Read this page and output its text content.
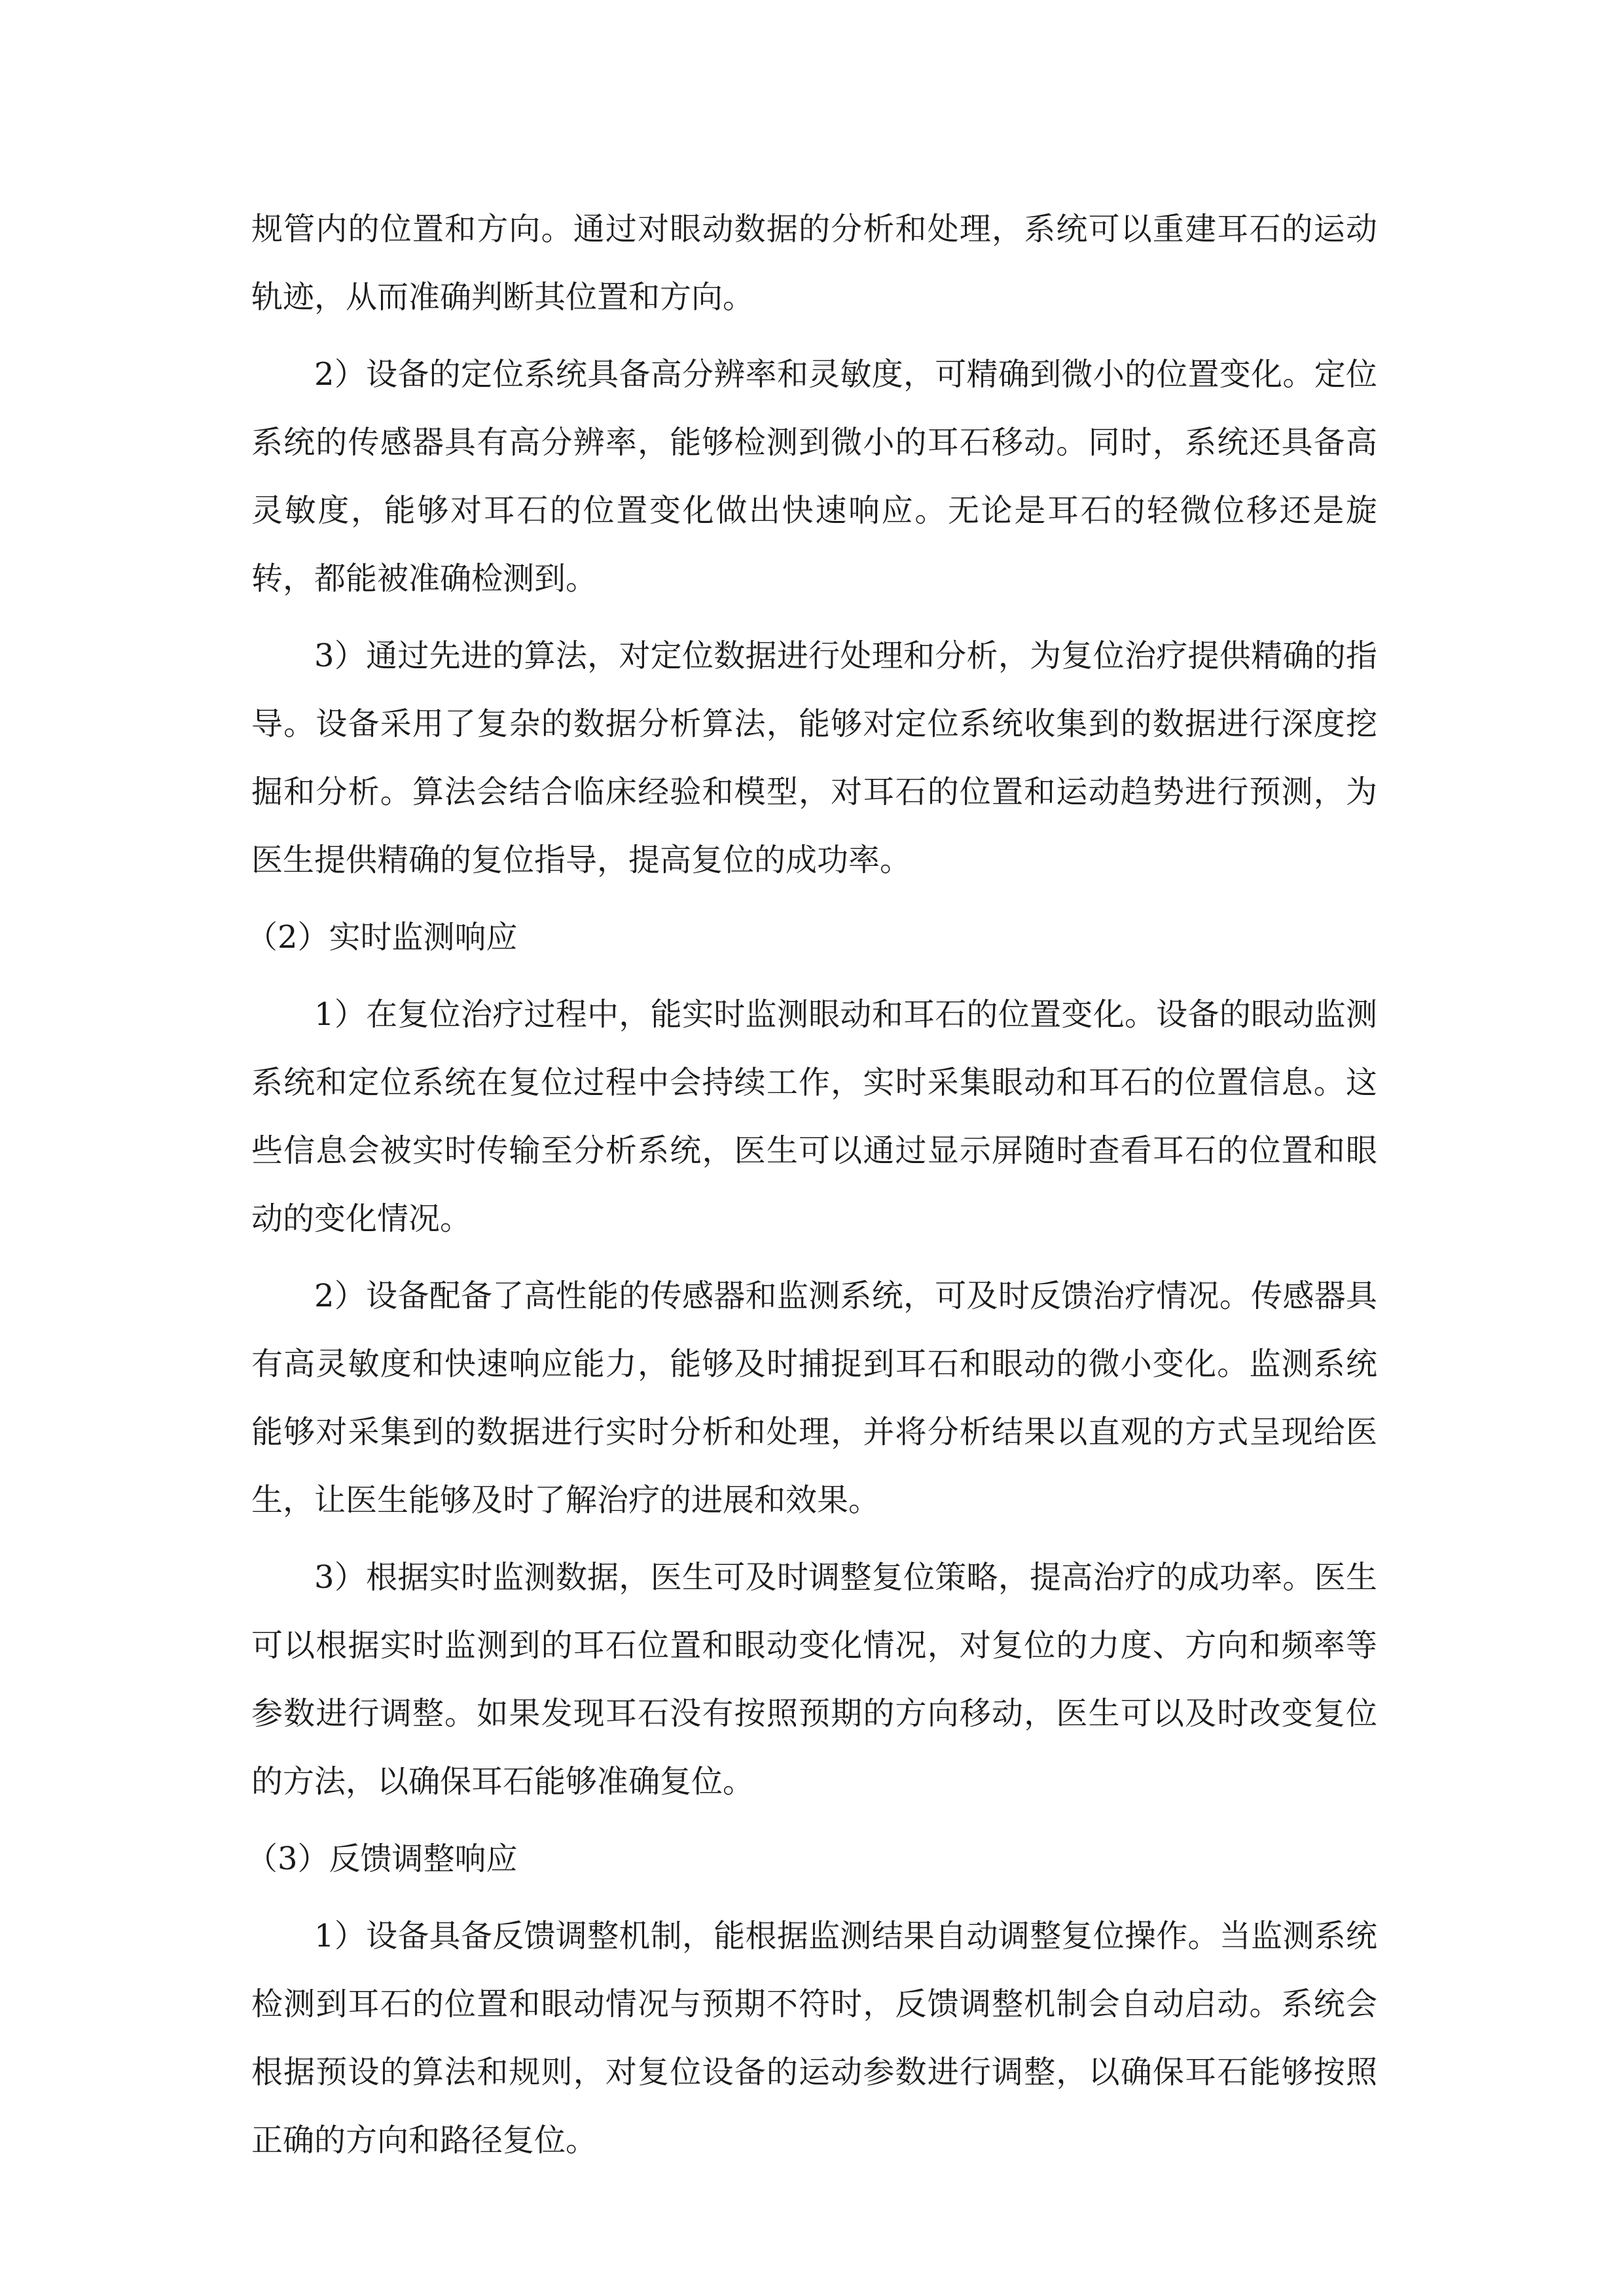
规管内的位置和方向。通过对眼动数据的分析和处理，系统可以重建耳石的运动轨迹，从而准确判断其位置和方向。

2）设备的定位系统具备高分辨率和灵敏度，可精确到微小的位置变化。定位系统的传感器具有高分辨率，能够检测到微小的耳石移动。同时，系统还具备高灵敏度，能够对耳石的位置变化做出快速响应。无论是耳石的轻微位移还是旋转，都能被准确检测到。

3）通过先进的算法，对定位数据进行处理和分析，为复位治疗提供精确的指导。设备采用了复杂的数据分析算法，能够对定位系统收集到的数据进行深度挖掘和分析。算法会结合临床经验和模型，对耳石的位置和运动趋势进行预测，为医生提供精确的复位指导，提高复位的成功率。

（2）实时监测响应

1）在复位治疗过程中，能实时监测眼动和耳石的位置变化。设备的眼动监测系统和定位系统在复位过程中会持续工作，实时采集眼动和耳石的位置信息。这些信息会被实时传输至分析系统，医生可以通过显示屏随时查看耳石的位置和眼动的变化情况。

2）设备配备了高性能的传感器和监测系统，可及时反馈治疗情况。传感器具有高灵敏度和快速响应能力，能够及时捕捉到耳石和眼动的微小变化。监测系统能够对采集到的数据进行实时分析和处理，并将分析结果以直观的方式呈现给医生，让医生能够及时了解治疗的进展和效果。

3）根据实时监测数据，医生可及时调整复位策略，提高治疗的成功率。医生可以根据实时监测到的耳石位置和眼动变化情况，对复位的力度、方向和频率等参数进行调整。如果发现耳石没有按照预期的方向移动，医生可以及时改变复位的方法，以确保耳石能够准确复位。

（3）反馈调整响应

1）设备具备反馈调整机制，能根据监测结果自动调整复位操作。当监测系统检测到耳石的位置和眼动情况与预期不符时，反馈调整机制会自动启动。系统会根据预设的算法和规则，对复位设备的运动参数进行调整，以确保耳石能够按照正确的方向和路径复位。
